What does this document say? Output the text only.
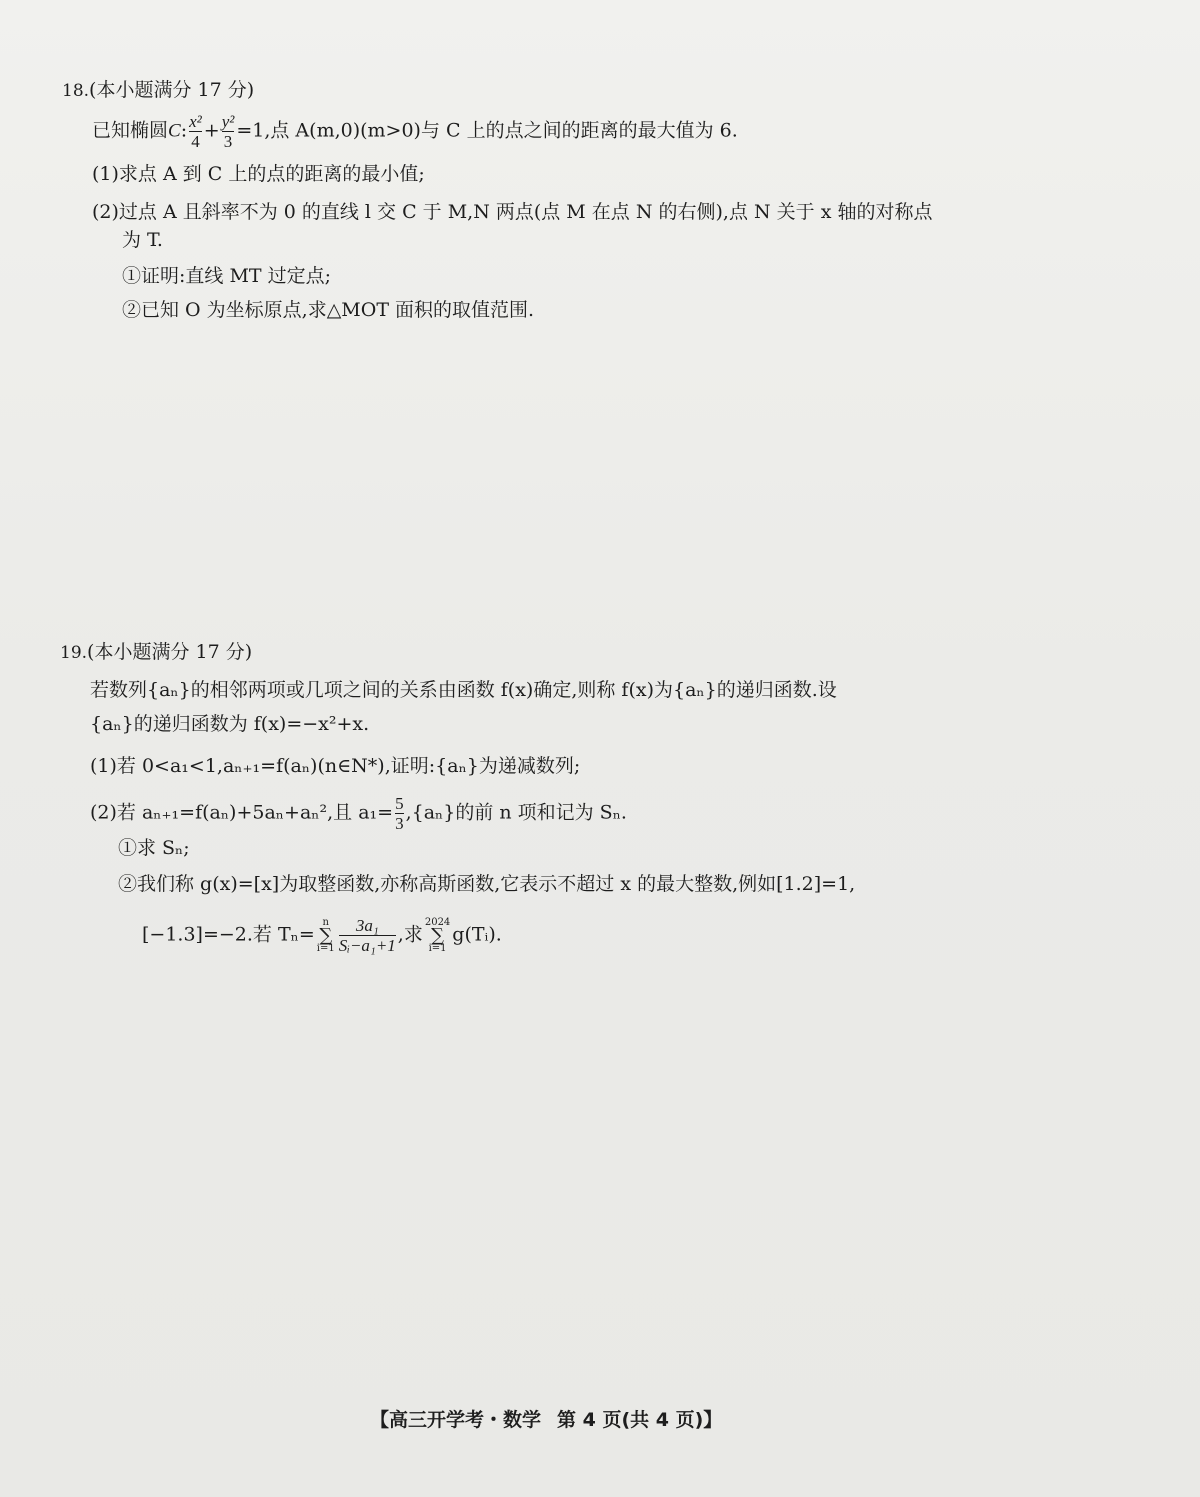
18.(本小题满分 17 分)
已知椭圆C: $\frac{\text{x²}}{4} + \frac{\text{y²}}{3} =1$,点 A(m,0)(m>0)与 C 上的点之间的距离的最大值为 6.
(1)求点 A 到 C 上的点的距离的最小值;
(2)过点 A 且斜率不为 0 的直线 l 交 C 于 M,N 两点(点 M 在点 N 的右侧),点 N 关于 x 轴的对称点
为 T.
①证明:直线 MT 过定点;
②已知 O 为坐标原点,求△MOT 面积的取值范围.
19.(本小题满分 17 分)
若数列{aₙ}的相邻两项或几项之间的关系由函数 f(x)确定,则称 f(x)为{aₙ}的递归函数.设
{aₙ}的递归函数为 f(x)=−x²+x.
(1)若 0<a₁<1,aₙ₊₁=f(aₙ)(n∈N*),证明:{aₙ}为递减数列;
(2)若 aₙ₊₁=f(aₙ)+5aₙ+aₙ²,且 $a_1= \frac{5}{3} ,\{a_n\}$的前 n 项和记为 Sₙ.
①求 Sₙ;
②我们称 g(x)=[x]为取整函数,亦称高斯函数,它表示不超过 x 的最大整数,例如[1.2]=1,
[−1.3]=−2.若 Tₙ=
n
∑
$i=1 \frac{\text{3a₁}}{\text{Sᵢ−a₁+1}}$ ,求
2024
∑
i=1
g(Tᵢ).
【高三开学考・数学 第 4 页(共 4 页)】
